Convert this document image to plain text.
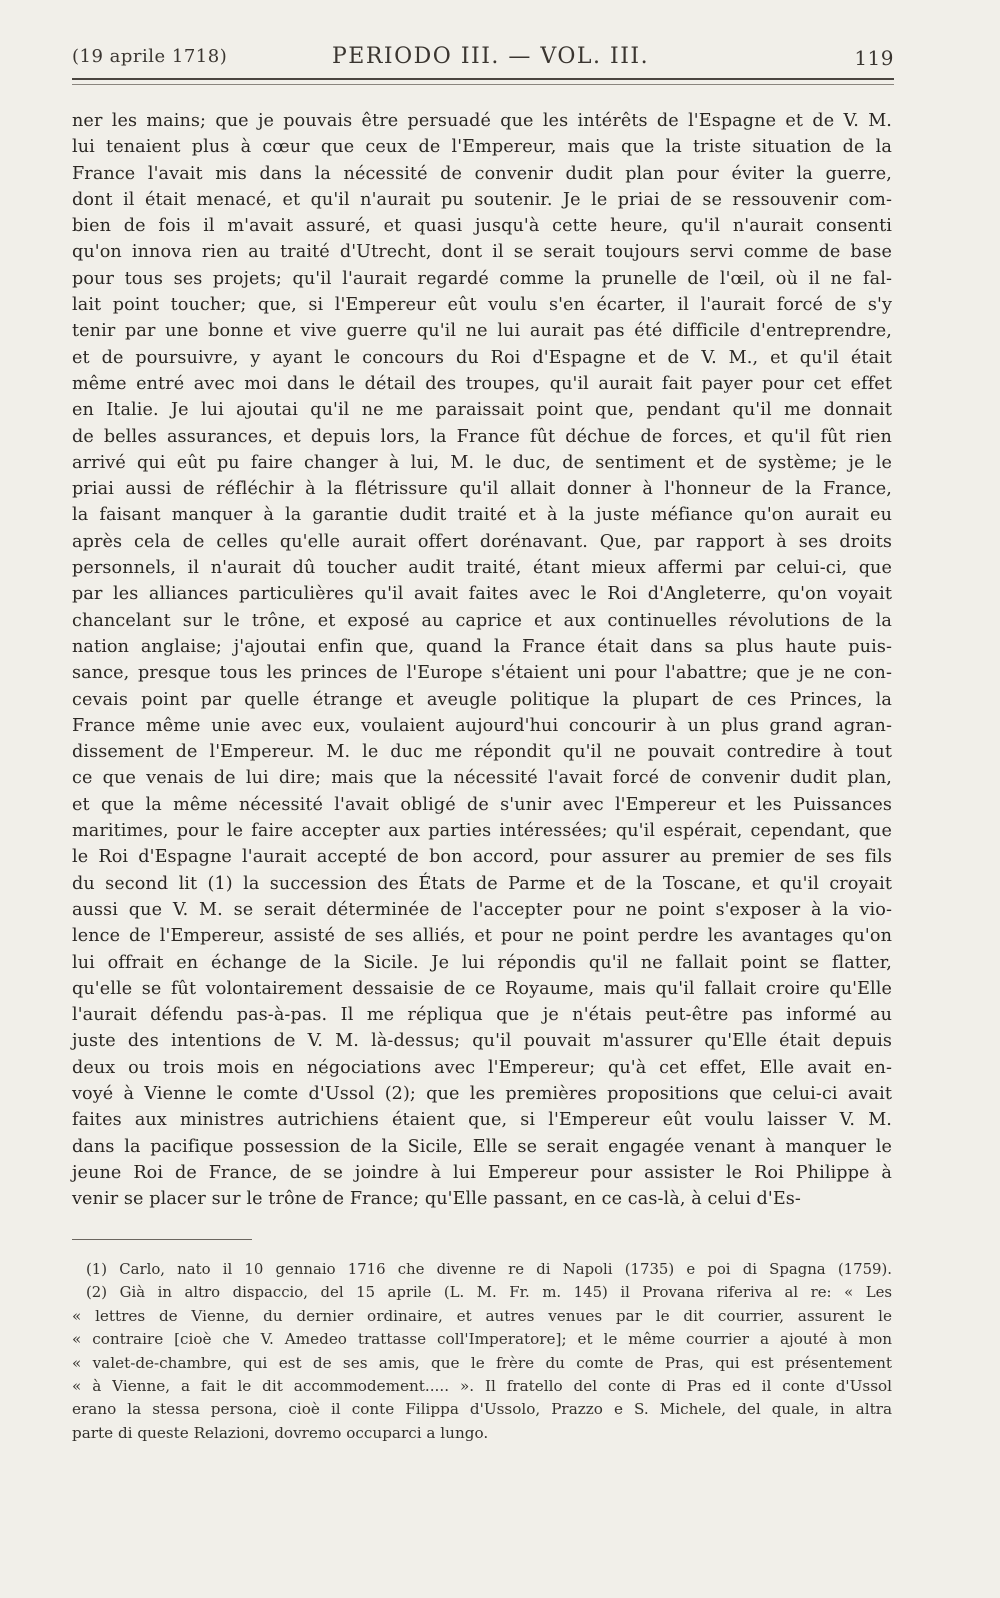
(19 aprile 1718)	PERIODO III. — VOL. III.	119
ner les mains; que je pouvais être persuadé que les intérêts de l'Espagne et de V. M.
lui tenaient plus à cœur que ceux de l'Empereur, mais que la triste situation de la
France l'avait mis dans la nécessité de convenir dudit plan pour éviter la guerre,
dont il était menacé, et qu'il n'aurait pu soutenir. Je le priai de se ressouvenir com-
bien de fois il m'avait assuré, et quasi jusqu'à cette heure, qu'il n'aurait consenti
qu'on innova rien au traité d'Utrecht, dont il se serait toujours servi comme de base
pour tous ses projets; qu'il l'aurait regardé comme la prunelle de l'œil, où il ne fal-
lait point toucher; que, si l'Empereur eût voulu s'en écarter, il l'aurait forcé de s'y
tenir par une bonne et vive guerre qu'il ne lui aurait pas été difficile d'entreprendre,
et de poursuivre, y ayant le concours du Roi d'Espagne et de V. M., et qu'il était
même entré avec moi dans le détail des troupes, qu'il aurait fait payer pour cet effet
en Italie. Je lui ajoutai qu'il ne me paraissait point que, pendant qu'il me donnait
de belles assurances, et depuis lors, la France fût déchue de forces, et qu'il fût rien
arrivé qui eût pu faire changer à lui, M. le duc, de sentiment et de système; je le
priai aussi de réfléchir à la flétrissure qu'il allait donner à l'honneur de la France,
la faisant manquer à la garantie dudit traité et à la juste méfiance qu'on aurait eu
après cela de celles qu'elle aurait offert dorénavant. Que, par rapport à ses droits
personnels, il n'aurait dû toucher audit traité, étant mieux affermi par celui-ci, que
par les alliances particulières qu'il avait faites avec le Roi d'Angleterre, qu'on voyait
chancelant sur le trône, et exposé au caprice et aux continuelles révolutions de la
nation anglaise; j'ajoutai enfin que, quand la France était dans sa plus haute puis-
sance, presque tous les princes de l'Europe s'étaient uni pour l'abattre; que je ne con-
cevais point par quelle étrange et aveugle politique la plupart de ces Princes, la
France même unie avec eux, voulaient aujourd'hui concourir à un plus grand agran-
dissement de l'Empereur. M. le duc me répondit qu'il ne pouvait contredire à tout
ce que venais de lui dire; mais que la nécessité l'avait forcé de convenir dudit plan,
et que la même nécessité l'avait obligé de s'unir avec l'Empereur et les Puissances
maritimes, pour le faire accepter aux parties intéressées; qu'il espérait, cependant, que
le Roi d'Espagne l'aurait accepté de bon accord, pour assurer au premier de ses fils
du second lit (1) la succession des États de Parme et de la Toscane, et qu'il croyait
aussi que V. M. se serait déterminée de l'accepter pour ne point s'exposer à la vio-
lence de l'Empereur, assisté de ses alliés, et pour ne point perdre les avantages qu'on
lui offrait en échange de la Sicile. Je lui répondis qu'il ne fallait point se flatter,
qu'elle se fût volontairement dessaisie de ce Royaume, mais qu'il fallait croire qu'Elle
l'aurait défendu pas-à-pas. Il me répliqua que je n'étais peut-être pas informé au
juste des intentions de V. M. là-dessus; qu'il pouvait m'assurer qu'Elle était depuis
deux ou trois mois en négociations avec l'Empereur; qu'à cet effet, Elle avait en-
voyé à Vienne le comte d'Ussol (2); que les premières propositions que celui-ci avait
faites aux ministres autrichiens étaient que, si l'Empereur eût voulu laisser V. M.
dans la pacifique possession de la Sicile, Elle se serait engagée venant à manquer le
jeune Roi de France, de se joindre à lui Empereur pour assister le Roi Philippe à
venir se placer sur le trône de France; qu'Elle passant, en ce cas-là, à celui d'Es-
(1) Carlo, nato il 10 gennaio 1716 che divenne re di Napoli (1735) e poi di Spagna (1759).
(2) Già in altro dispaccio, del 15 aprile (L. M. Fr. m. 145) il Provana riferiva al re: « Les
« lettres de Vienne, du dernier ordinaire, et autres venues par le dit courrier, assurent le
« contraire [cioè che V. Amedeo trattasse coll'Imperatore]; et le même courrier a ajouté à mon
« valet-de-chambre, qui est de ses amis, que le frère du comte de Pras, qui est présentement
« à Vienne, a fait le dit accommodement..... ». Il fratello del conte di Pras ed il conte d'Ussol
erano la stessa persona, cioè il conte Filippa d'Ussolo, Prazzo e S. Michele, del quale, in altra
parte di queste Relazioni, dovremo occuparci a lungo.
